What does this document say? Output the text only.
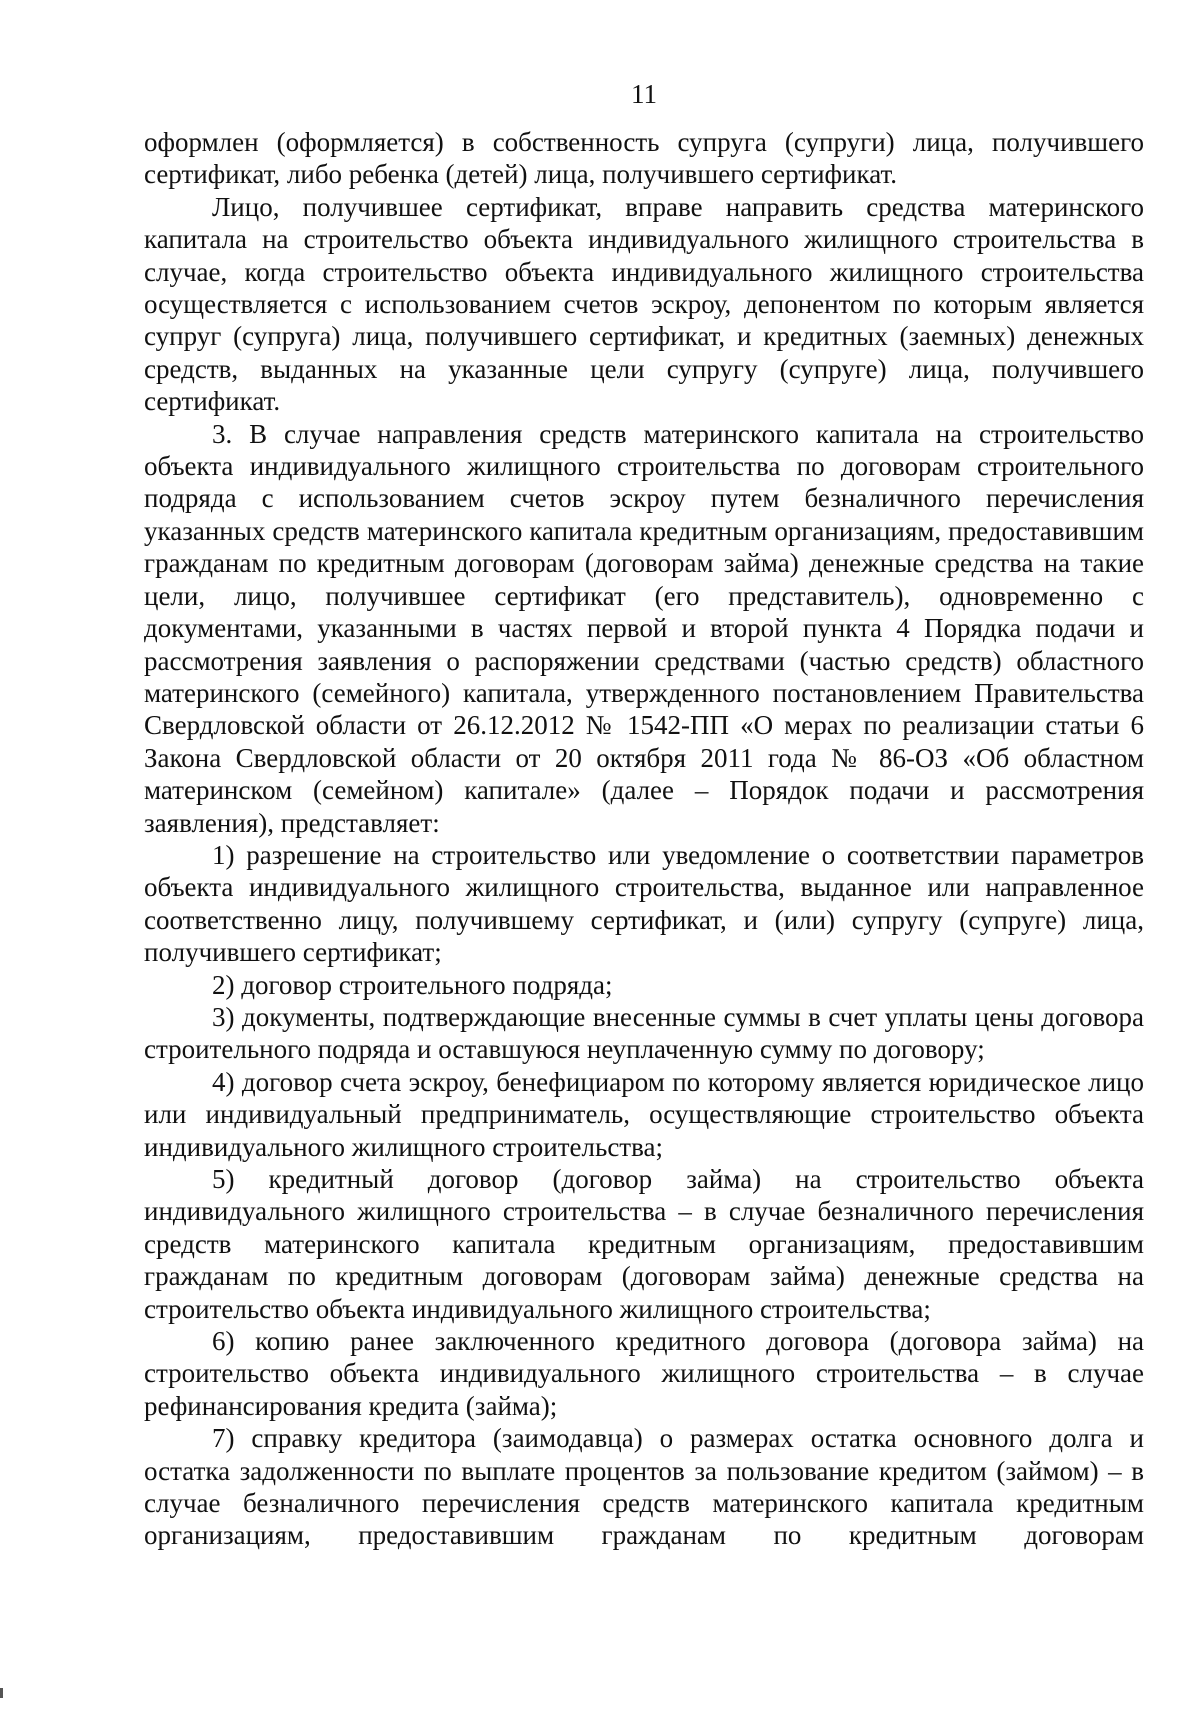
11

оформлен (оформляется) в собственность супруга (супруги) лица, получившего сертификат, либо ребенка (детей) лица, получившего сертификат.

Лицо, получившее сертификат, вправе направить средства материнского капитала на строительство объекта индивидуального жилищного строительства в случае, когда строительство объекта индивидуального жилищного строительства осуществляется с использованием счетов эскроу, депонентом по которым является супруг (супруга) лица, получившего сертификат, и кредитных (заемных) денежных средств, выданных на указанные цели супругу (супруге) лица, получившего сертификат.

3. В случае направления средств материнского капитала на строительство объекта индивидуального жилищного строительства по договорам строительного подряда с использованием счетов эскроу путем безналичного перечисления указанных средств материнского капитала кредитным организациям, предоставившим гражданам по кредитным договорам (договорам займа) денежные средства на такие цели, лицо, получившее сертификат (его представитель), одновременно с документами, указанными в частях первой и второй пункта 4 Порядка подачи и рассмотрения заявления о распоряжении средствами (частью средств) областного материнского (семейного) капитала, утвержденного постановлением Правительства Свердловской области от 26.12.2012 № 1542-ПП «О мерах по реализации статьи 6 Закона Свердловской области от 20 октября 2011 года № 86-ОЗ «Об областном материнском (семейном) капитале» (далее – Порядок подачи и рассмотрения заявления), представляет:

1) разрешение на строительство или уведомление о соответствии параметров объекта индивидуального жилищного строительства, выданное или направленное соответственно лицу, получившему сертификат, и (или) супругу (супруге) лица, получившего сертификат;

2) договор строительного подряда;

3) документы, подтверждающие внесенные суммы в счет уплаты цены договора строительного подряда и оставшуюся неуплаченную сумму по договору;

4) договор счета эскроу, бенефициаром по которому является юридическое лицо или индивидуальный предприниматель, осуществляющие строительство объекта индивидуального жилищного строительства;

5) кредитный договор (договор займа) на строительство объекта индивидуального жилищного строительства – в случае безналичного перечисления средств материнского капитала кредитным организациям, предоставившим гражданам по кредитным договорам (договорам займа) денежные средства на строительство объекта индивидуального жилищного строительства;

6) копию ранее заключенного кредитного договора (договора займа) на строительство объекта индивидуального жилищного строительства – в случае рефинансирования кредита (займа);

7) справку кредитора (заимодавца) о размерах остатка основного долга и остатка задолженности по выплате процентов за пользование кредитом (займом) – в случае безналичного перечисления средств материнского капитала кредитным организациям, предоставившим гражданам по кредитным договорам
